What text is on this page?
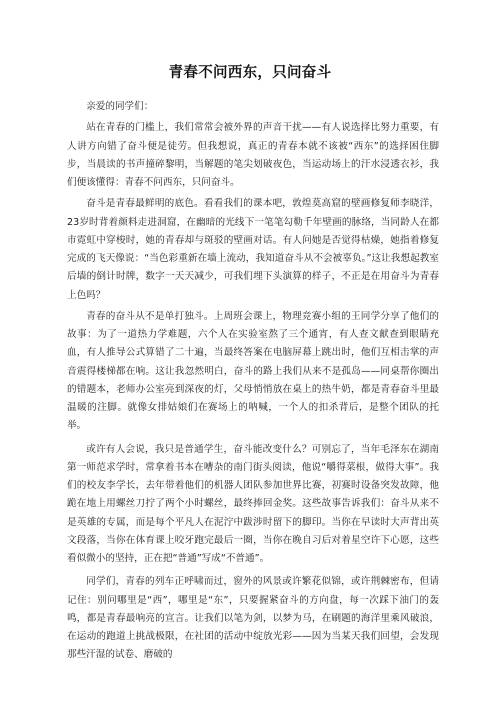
青春不问西东，只问奋斗

亲爱的同学们：

站在青春的门槛上，我们常常会被外界的声音干扰——有人说选择比努力重要，有人讲方向错了奋斗便是徒劳。但我想说，真正的青春本就不该被“西东”的选择困住脚步，当晨读的书声撞碎黎明，当解题的笔尖划破夜色，当运动场上的汗水浸透衣衫，我们便该懂得：青春不问西东，只问奋斗。

奋斗是青春最鲜明的底色。看看我们的课本吧，敦煌莫高窟的壁画修复师李晓洋，23岁时背着颜料走进洞窟，在幽暗的光线下一笔笔勾勒千年壁画的脉络，当同龄人在都市霓虹中穿梭时，她的青春却与斑驳的壁画对话。有人问她是否觉得枯燥，她指着修复完成的飞天像说：“当色彩重新在墙上流动，我知道奋斗从不会被辜负。”这让我想起教室后墙的倒计时牌，数字一天天减少，可我们埋下头演算的样子，不正是在用奋斗为青春上色吗？

青春的奋斗从不是单打独斗。上周班会课上，物理竞赛小组的王同学分享了他们的故事：为了一道热力学难题，六个人在实验室熬了三个通宵，有人查文献查到眼睛充血，有人推导公式算错了二十遍，当最终答案在电脑屏幕上跳出时，他们互相击掌的声音震得楼梯都在响。这让我忽然明白，奋斗的路上我们从来不是孤岛——同桌帮你圈出的错题本，老师办公室亮到深夜的灯，父母悄悄放在桌上的热牛奶，都是青春奋斗里最温暖的注脚。就像女排姑娘们在赛场上的呐喊，一个人的扣杀背后，是整个团队的托举。

或许有人会说，我只是普通学生，奋斗能改变什么？可别忘了，当年毛泽东在湖南第一师范求学时，常拿着书本在嘈杂的南门街头阅读，他说“嚼得菜根，做得大事”。我们的校友李学长，去年带着他们的机器人团队参加世界比赛，初赛时设备突发故障，他跪在地上用螺丝刀拧了两个小时螺丝，最终捧回金奖。这些故事告诉我们：奋斗从来不是英雄的专属，而是每个平凡人在泥泞中跋涉时留下的脚印。当你在早读时大声背出英文段落，当你在体育课上咬牙跑完最后一圈，当你在晚自习后对着星空许下心愿，这些看似微小的坚持，正在把“普通”写成“不普通”。

同学们，青春的列车正呼啸而过，窗外的风景或许繁花似锦，或许荆棘密布，但请记住：别问哪里是“西”，哪里是“东”，只要握紧奋斗的方向盘，每一次踩下油门的轰鸣，都是青春最响亮的宣言。让我们以笔为剑，以梦为马，在刷题的海洋里乘风破浪，在运动的跑道上挑战极限，在社团的活动中绽放光彩——因为当某天我们回望，会发现那些汗湿的试卷、磨破的
